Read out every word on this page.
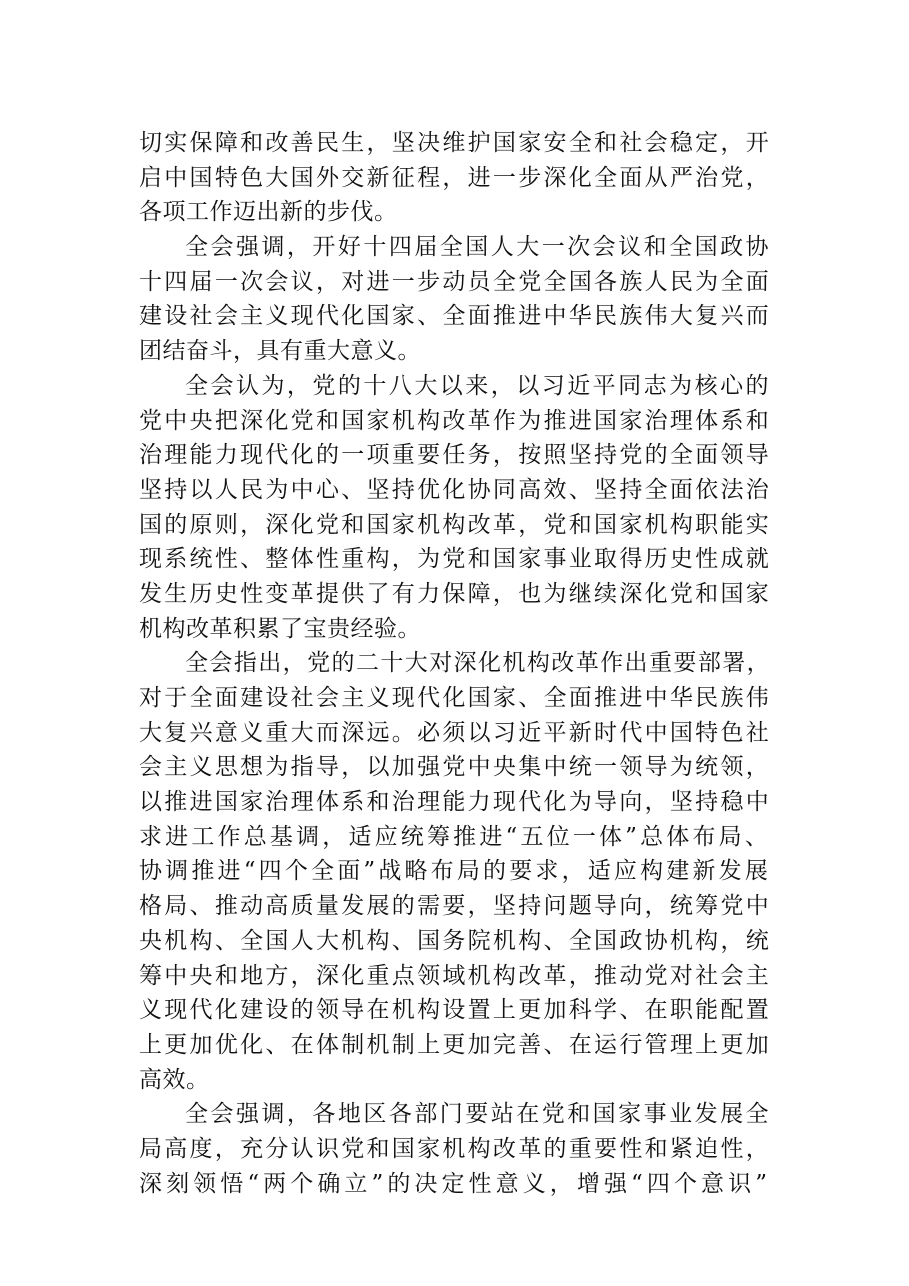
切实保障和改善民生，坚决维护国家安全和社会稳定，开
启中国特色大国外交新征程，进一步深化全面从严治党，
各项工作迈出新的步伐。
全会强调，开好十四届全国人大一次会议和全国政协
十四届一次会议，对进一步动员全党全国各族人民为全面
建设社会主义现代化国家、全面推进中华民族伟大复兴而
团结奋斗，具有重大意义。
全会认为，党的十八大以来，以习近平同志为核心的
党中央把深化党和国家机构改革作为推进国家治理体系和
治理能力现代化的一项重要任务，按照坚持党的全面领导
坚持以人民为中心、坚持优化协同高效、坚持全面依法治
国的原则，深化党和国家机构改革，党和国家机构职能实
现系统性、整体性重构，为党和国家事业取得历史性成就
发生历史性变革提供了有力保障，也为继续深化党和国家
机构改革积累了宝贵经验。
全会指出，党的二十大对深化机构改革作出重要部署，
对于全面建设社会主义现代化国家、全面推进中华民族伟
大复兴意义重大而深远。必须以习近平新时代中国特色社
会主义思想为指导，以加强党中央集中统一领导为统领，
以推进国家治理体系和治理能力现代化为导向，坚持稳中
求进工作总基调，适应统筹推进“五位一体”总体布局、
协调推进“四个全面”战略布局的要求，适应构建新发展
格局、推动高质量发展的需要，坚持问题导向，统筹党中
央机构、全国人大机构、国务院机构、全国政协机构，统
筹中央和地方，深化重点领域机构改革，推动党对社会主
义现代化建设的领导在机构设置上更加科学、在职能配置
上更加优化、在体制机制上更加完善、在运行管理上更加
高效。
全会强调，各地区各部门要站在党和国家事业发展全
局高度，充分认识党和国家机构改革的重要性和紧迫性，
深刻领悟“两个确立”的决定性意义，增强“四个意识”
